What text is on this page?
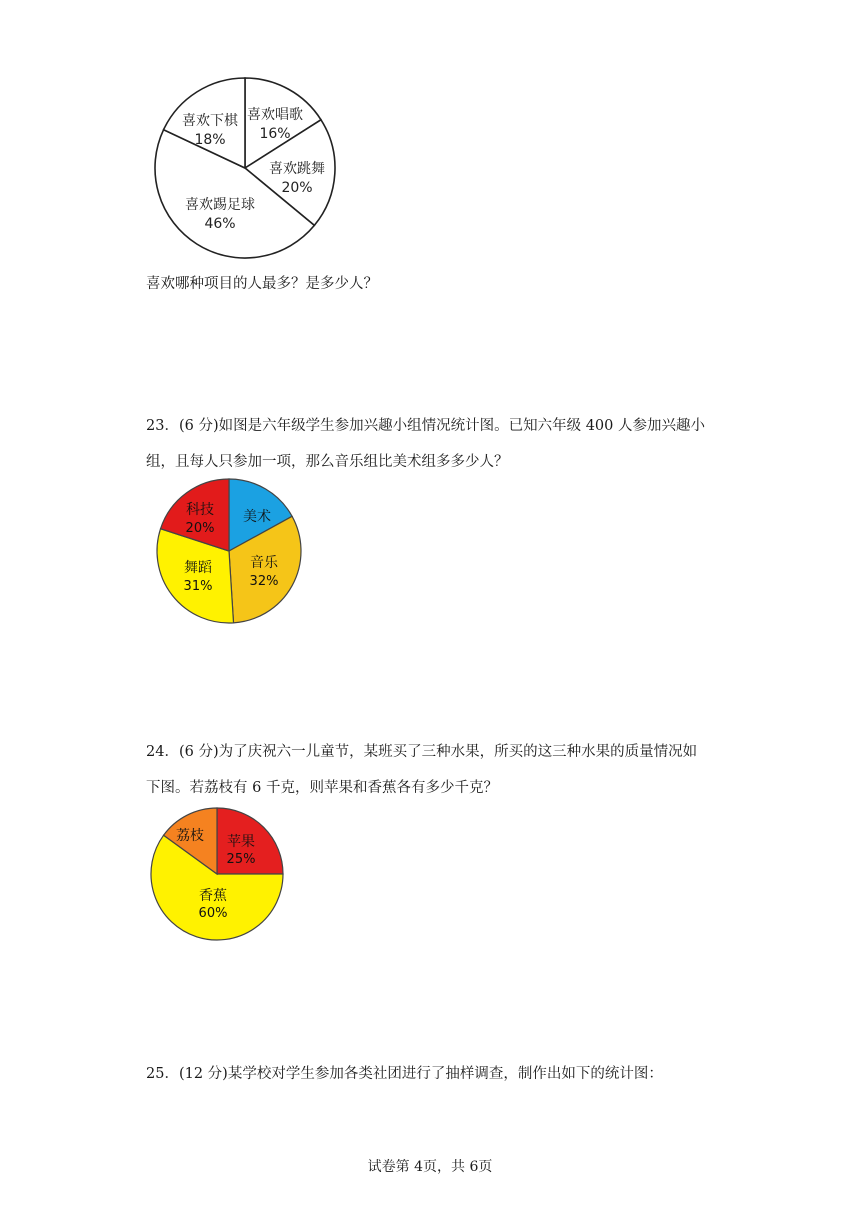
喜欢唱歌
16%
喜欢跳舞
20%
喜欢踢足球
46%
喜欢下棋
18%
喜欢哪种项目的人最多？是多少人？
23．(6 分)如图是六年级学生参加兴趣小组情况统计图。已知六年级 400 人参加兴趣小
组，且每人只参加一项，那么音乐组比美术组多多少人？
美术
音乐
32%
舞蹈
31%
科技
20%
24．(6 分)为了庆祝六一儿童节，某班买了三种水果，所买的这三种水果的质量情况如
下图。若荔枝有 6 千克，则苹果和香蕉各有多少千克？
苹果
25%
香蕉
60%
荔枝
25．(12 分)某学校对学生参加各类社团进行了抽样调查，制作出如下的统计图：
试卷第 4页，共 6页
